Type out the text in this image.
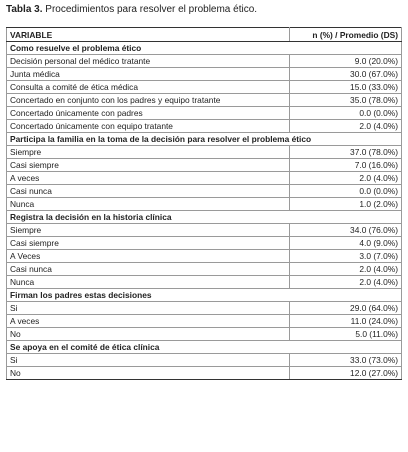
Tabla 3. Procedimientos para resolver el problema ético.
VARIABLE	n (%) / Promedio (DS)
Como resuelve el problema ético	
Decisión personal del médico tratante	9.0 (20.0%)
Junta médica	30.0 (67.0%)
Consulta a comité de ética médica	15.0 (33.0%)
Concertado en conjunto con los padres y equipo tratante	35.0 (78.0%)
Concertado únicamente con padres	0.0 (0.0%)
Concertado únicamente con equipo tratante	2.0 (4.0%)
Participa la familia en la toma de la decisión para resolver el problema ético	
Siempre	37.0 (78.0%)
Casi siempre	7.0 (16.0%)
A veces	2.0 (4.0%)
Casi nunca	0.0 (0.0%)
Nunca	1.0 (2.0%)
Registra la decisión en la historia clínica	
Siempre	34.0 (76.0%)
Casi siempre	4.0 (9.0%)
A Veces	3.0 (7.0%)
Casi nunca	2.0 (4.0%)
Nunca	2.0 (4.0%)
Firman los padres estas decisiones	
Si	29.0 (64.0%)
A veces	11.0 (24.0%)
No	5.0 (11.0%)
Se apoya en el comité de ética clínica	
Si	33.0 (73.0%)
No	12.0 (27.0%)
